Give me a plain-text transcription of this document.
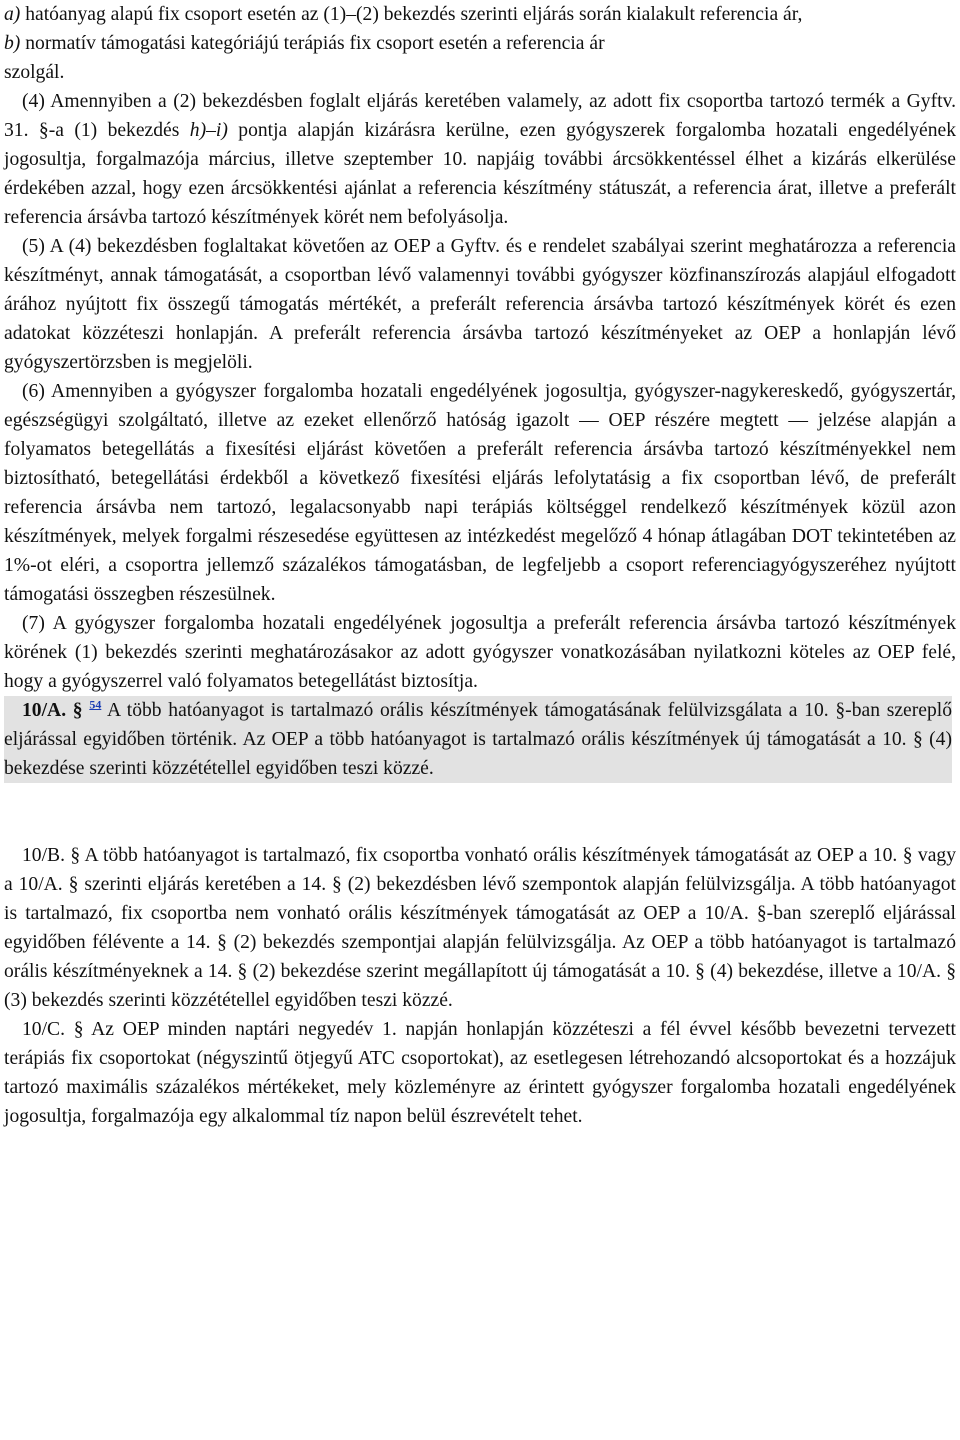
a) hatóanyag alapú fix csoport esetén az (1)–(2) bekezdés szerinti eljárás során kialakult referencia ár,

b) normatív támogatási kategóriájú terápiás fix csoport esetén a referencia ár

szolgál.

(4) Amennyiben a (2) bekezdésben foglalt eljárás keretében valamely, az adott fix csoportba tartozó termék a Gyftv. 31. §-a (1) bekezdés h)–i) pontja alapján kizárásra kerülne, ezen gyógyszerek forgalomba hozatali engedélyének jogosultja, forgalmazója március, illetve szeptember 10. napjáig további árcsökkentéssel élhet a kizárás elkerülése érdekében azzal, hogy ezen árcsökkentési ajánlat a referencia készítmény státuszát, a referencia árat, illetve a preferált referencia ársávba tartozó készítmények körét nem befolyásolja.

(5) A (4) bekezdésben foglaltakat követően az OEP a Gyftv. és e rendelet szabályai szerint meghatározza a referencia készítményt, annak támogatását, a csoportban lévő valamennyi további gyógyszer közfinanszírozás alapjául elfogadott árához nyújtott fix összegű támogatás mértékét, a preferált referencia ársávba tartozó készítmények körét és ezen adatokat közzéteszi honlapján. A preferált referencia ársávba tartozó készítményeket az OEP a honlapján lévő gyógyszertörzsben is megjelöli.

(6) Amennyiben a gyógyszer forgalomba hozatali engedélyének jogosultja, gyógyszer-nagykereskedő, gyógyszertár, egészségügyi szolgáltató, illetve az ezeket ellenőrző hatóság igazolt — OEP részére megtett — jelzése alapján a folyamatos betegellátás a fixesítési eljárást követően a preferált referencia ársávba tartozó készítményekkel nem biztosítható, betegellátási érdekből a következő fixesítési eljárás lefolytatásig a fix csoportban lévő, de preferált referencia ársávba nem tartozó, legalacsonyabb napi terápiás költséggel rendelkező készítmények közül azon készítmények, melyek forgalmi részesedése együttesen az intézkedést megelőző 4 hónap átlagában DOT tekintetében az 1%-ot eléri, a csoportra jellemző százalékos támogatásban, de legfeljebb a csoport referenciagyógyszeréhez nyújtott támogatási összegben részesülnek.

(7) A gyógyszer forgalomba hozatali engedélyének jogosultja a preferált referencia ársávba tartozó készítmények körének (1) bekezdés szerinti meghatározásakor az adott gyógyszer vonatkozásában nyilatkozni köteles az OEP felé, hogy a gyógyszerrel való folyamatos betegellátást biztosítja.

10/A. § $^{54}$ A több hatóanyagot is tartalmazó orális készítmények támogatásának felülvizsgálata a 10. §-ban szereplő eljárással egyidőben történik. Az OEP a több hatóanyagot is tartalmazó orális készítmények új támogatását a 10. § (4) bekezdése szerinti közzététellel egyidőben teszi közzé.

10/B. § A több hatóanyagot is tartalmazó, fix csoportba vonható orális készítmények támogatását az OEP a 10. § vagy a 10/A. § szerinti eljárás keretében a 14. § (2) bekezdésben lévő szempontok alapján felülvizsgálja. A több hatóanyagot is tartalmazó, fix csoportba nem vonható orális készítmények támogatását az OEP a 10/A. §-ban szereplő eljárással egyidőben félévente a 14. § (2) bekezdés szempontjai alapján felülvizsgálja. Az OEP a több hatóanyagot is tartalmazó orális készítményeknek a 14. § (2) bekezdése szerint megállapított új támogatását a 10. § (4) bekezdése, illetve a 10/A. § (3) bekezdés szerinti közzététellel egyidőben teszi közzé.

10/C. § Az OEP minden naptári negyedév 1. napján honlapján közzéteszi a fél évvel később bevezetni tervezett terápiás fix csoportokat (négyszintű ötjegyű ATC csoportokat), az esetlegesen létrehozandó alcsoportokat és a hozzájuk tartozó maximális százalékos mértékeket, mely közleményre az érintett gyógyszer forgalomba hozatali engedélyének jogosultja, forgalmazója egy alkalommal tíz napon belül észrevételt tehet.
